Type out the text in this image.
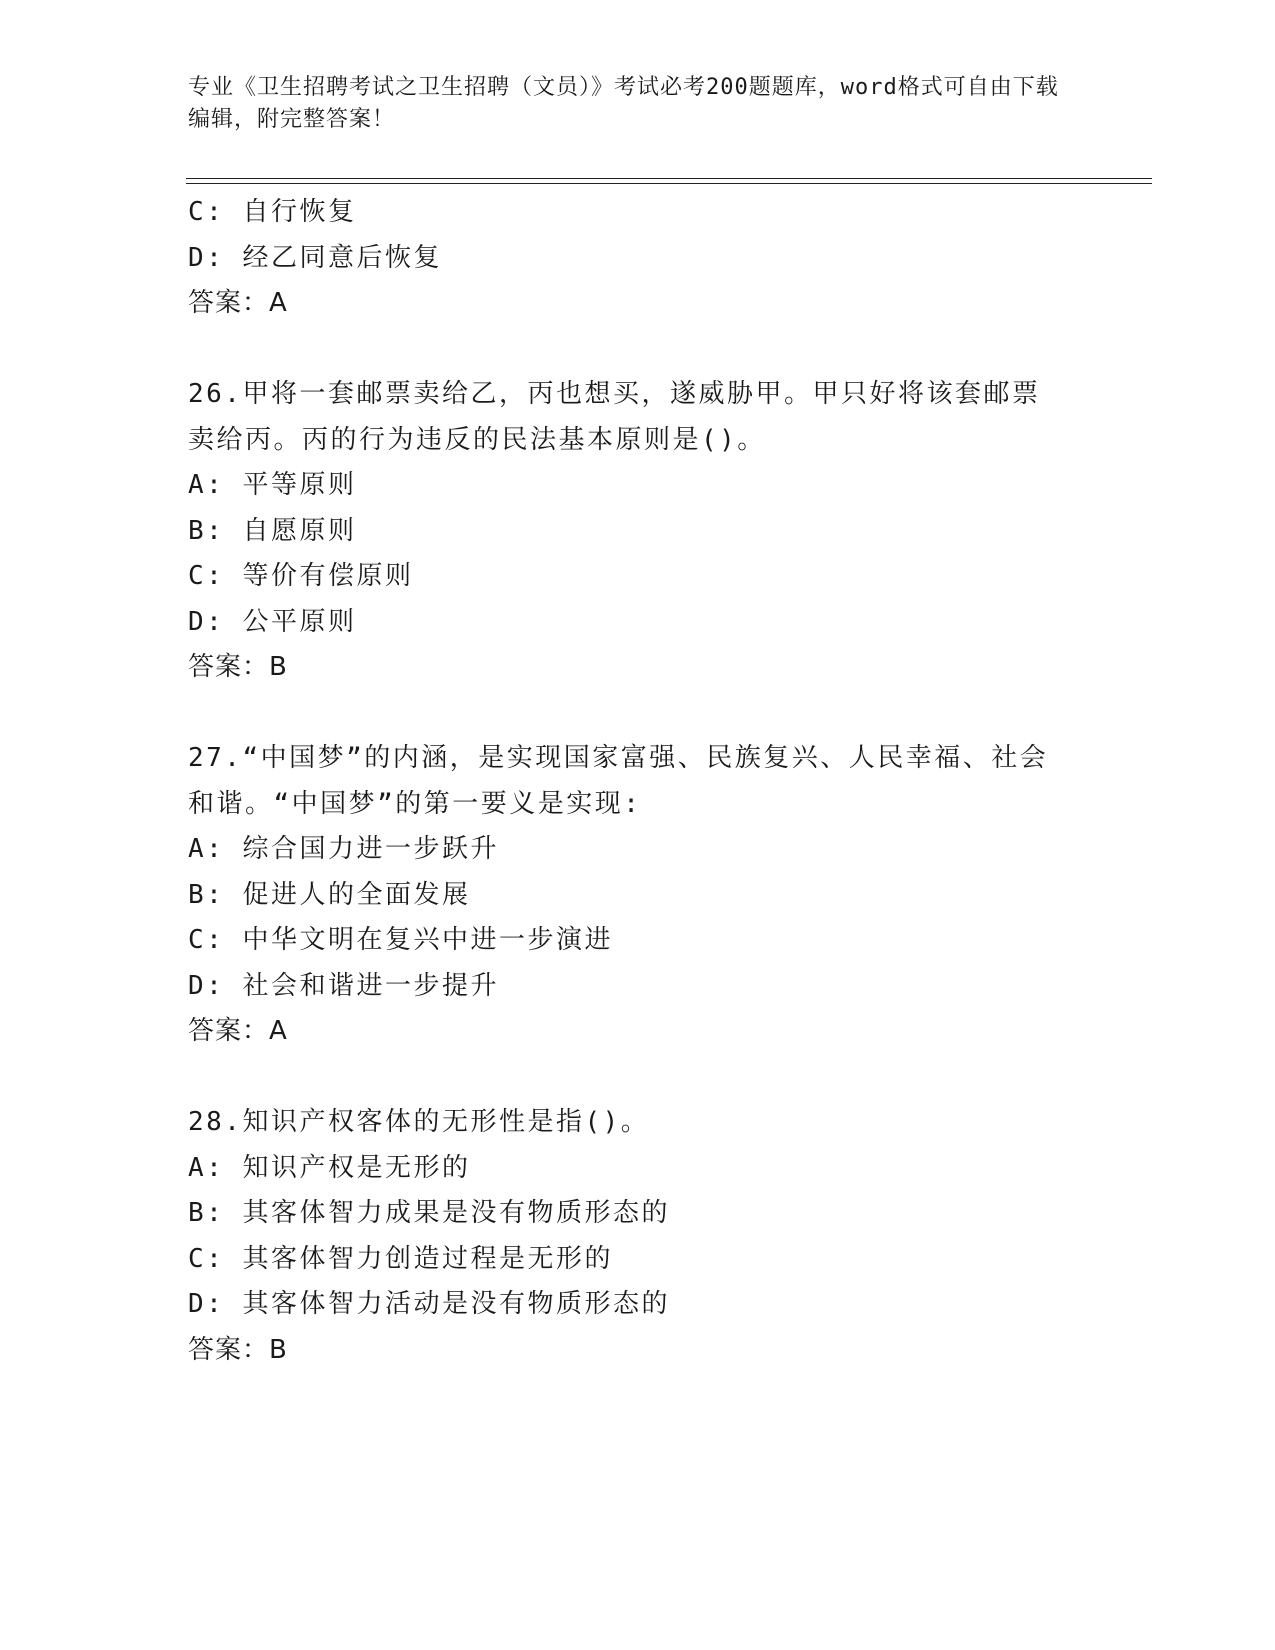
专业《卫生招聘考试之卫生招聘（文员）》考试必考200题题库，word格式可自由下载编辑，附完整答案！
C: 自行恢复
D: 经乙同意后恢复
答案：A
26.甲将一套邮票卖给乙，丙也想买，遂威胁甲。甲只好将该套邮票卖给丙。丙的行为违反的民法基本原则是()。
A: 平等原则
B: 自愿原则
C: 等价有偿原则
D: 公平原则
答案：B
27.“中国梦”的内涵，是实现国家富强、民族复兴、人民幸福、社会和谐。“中国梦”的第一要义是实现:
A: 综合国力进一步跃升
B: 促进人的全面发展
C: 中华文明在复兴中进一步演进
D: 社会和谐进一步提升
答案：A
28.知识产权客体的无形性是指()。
A: 知识产权是无形的
B: 其客体智力成果是没有物质形态的
C: 其客体智力创造过程是无形的
D: 其客体智力活动是没有物质形态的
答案：B
